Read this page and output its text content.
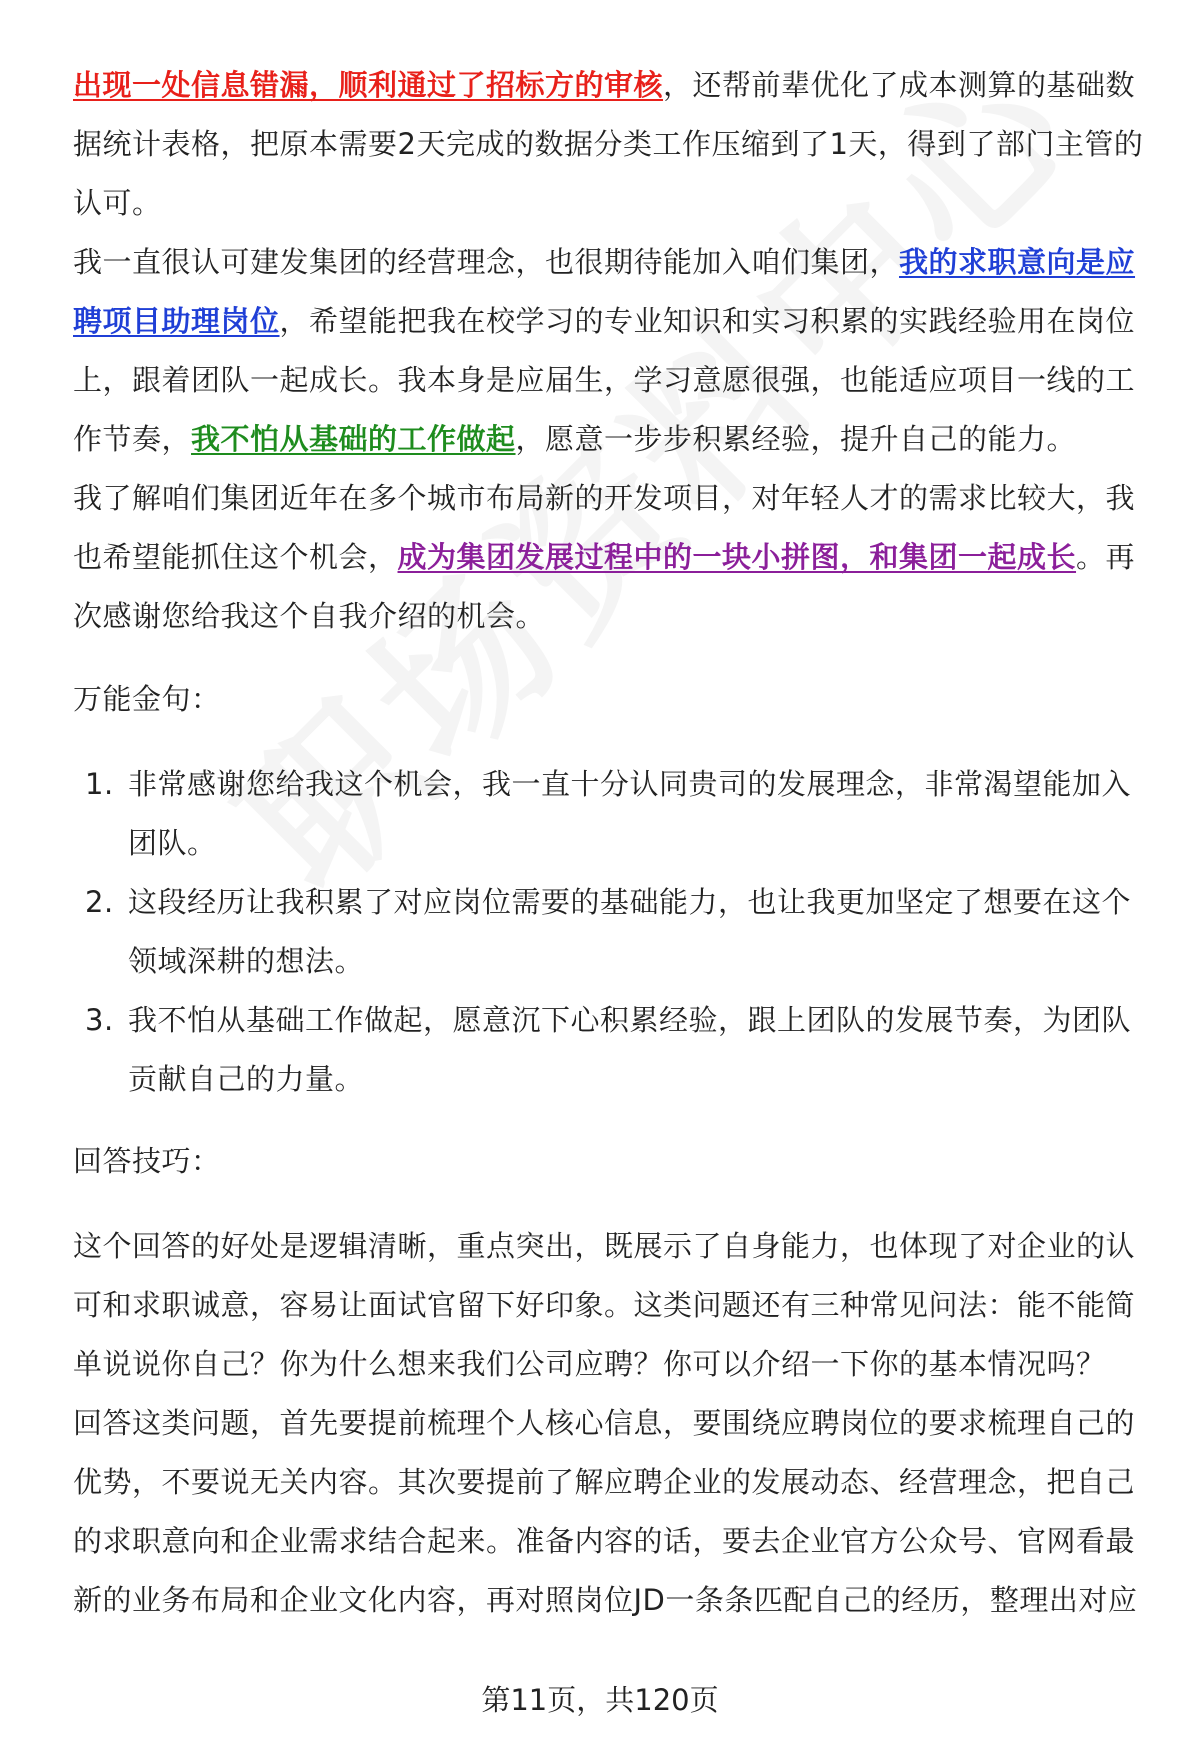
出现一处信息错漏，顺利通过了招标方的审核，还帮前辈优化了成本测算的基础数据统计表格，把原本需要2天完成的数据分类工作压缩到了1天，得到了部门主管的认可。

我一直很认可建发集团的经营理念，也很期待能加入咱们集团，我的求职意向是应聘项目助理岗位，希望能把我在校学习的专业知识和实习积累的实践经验用在岗位上，跟着团队一起成长。我本身是应届生，学习意愿很强，也能适应项目一线的工作节奏，我不怕从基础的工作做起，愿意一步步积累经验，提升自己的能力。

我了解咱们集团近年在多个城市布局新的开发项目，对年轻人才的需求比较大，我也希望能抓住这个机会，成为集团发展过程中的一块小拼图，和集团一起成长。再次感谢您给我这个自我介绍的机会。

万能金句：

1. 非常感谢您给我这个机会，我一直十分认同贵司的发展理念，非常渴望能加入团队。
2. 这段经历让我积累了对应岗位需要的基础能力，也让我更加坚定了想要在这个领域深耕的想法。
3. 我不怕从基础工作做起，愿意沉下心积累经验，跟上团队的发展节奏，为团队贡献自己的力量。

回答技巧：

这个回答的好处是逻辑清晰，重点突出，既展示了自身能力，也体现了对企业的认可和求职诚意，容易让面试官留下好印象。这类问题还有三种常见问法：能不能简单说说你自己？你为什么想来我们公司应聘？你可以介绍一下你的基本情况吗？

回答这类问题，首先要提前梳理个人核心信息，要围绕应聘岗位的要求梳理自己的优势，不要说无关内容。其次要提前了解应聘企业的发展动态、经营理念，把自己的求职意向和企业需求结合起来。准备内容的话，要去企业官方公众号、官网看最新的业务布局和企业文化内容，再对照岗位JD一条条匹配自己的经历，整理出对应

第11页，共120页
